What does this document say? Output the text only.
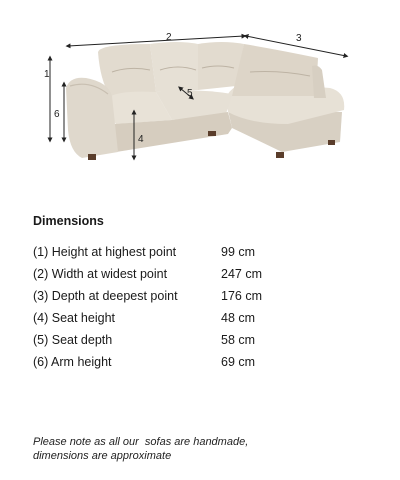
1
2	3
4
5
6
Dimensions
(1) Height at highest point	99 cm
(2) Width at widest point	247 cm
(3) Depth at deepest point	176 cm
(4) Seat height	48 cm
(5) Seat depth	58 cm
(6) Arm height	69 cm
Please note as all our  sofas are handmade,
dimensions are approximate
